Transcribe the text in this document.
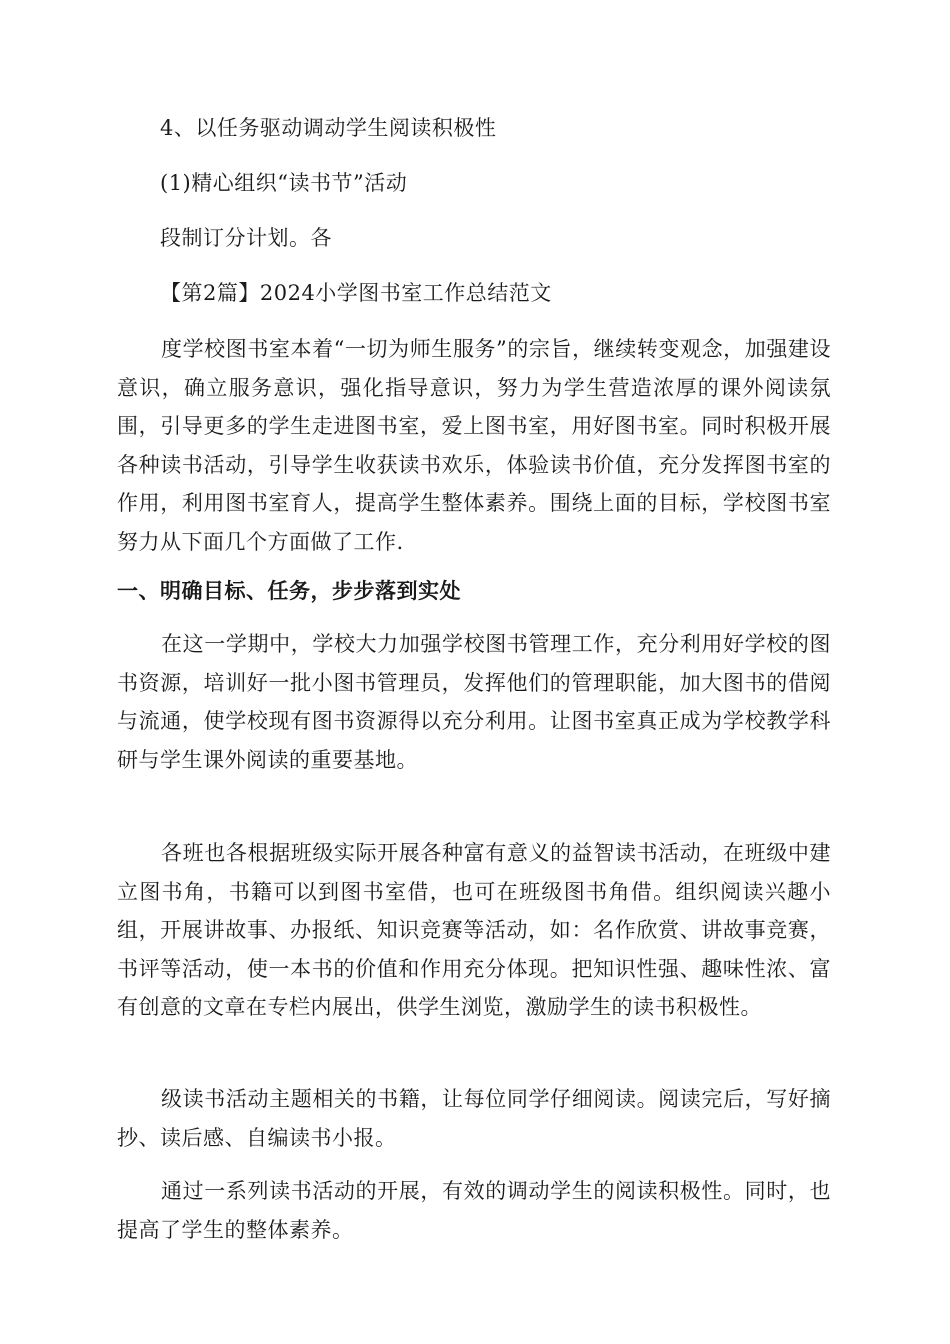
4、以任务驱动调动学生阅读积极性
(1)精心组织“读书节”活动
段制订分计划。各
【第2篇】2024小学图书室工作总结范文
度学校图书室本着“一切为师生服务”的宗旨，继续转变观念，加强建设意识，确立服务意识，强化指导意识，努力为学生营造浓厚的课外阅读氛围，引导更多的学生走进图书室，爱上图书室，用好图书室。同时积极开展各种读书活动，引导学生收获读书欢乐，体验读书价值，充分发挥图书室的作用，利用图书室育人，提高学生整体素养。围绕上面的目标，学校图书室努力从下面几个方面做了工作.
一、明确目标、任务，步步落到实处
在这一学期中，学校大力加强学校图书管理工作，充分利用好学校的图书资源，培训好一批小图书管理员，发挥他们的管理职能，加大图书的借阅与流通，使学校现有图书资源得以充分利用。让图书室真正成为学校教学科研与学生课外阅读的重要基地。
各班也各根据班级实际开展各种富有意义的益智读书活动，在班级中建立图书角，书籍可以到图书室借，也可在班级图书角借。组织阅读兴趣小组，开展讲故事、办报纸、知识竞赛等活动，如：名作欣赏、讲故事竞赛，书评等活动，使一本书的价值和作用充分体现。把知识性强、趣味性浓、富有创意的文章在专栏内展出，供学生浏览，激励学生的读书积极性。
级读书活动主题相关的书籍，让每位同学仔细阅读。阅读完后，写好摘抄、读后感、自编读书小报。
通过一系列读书活动的开展，有效的调动学生的阅读积极性。同时，也提高了学生的整体素养。
